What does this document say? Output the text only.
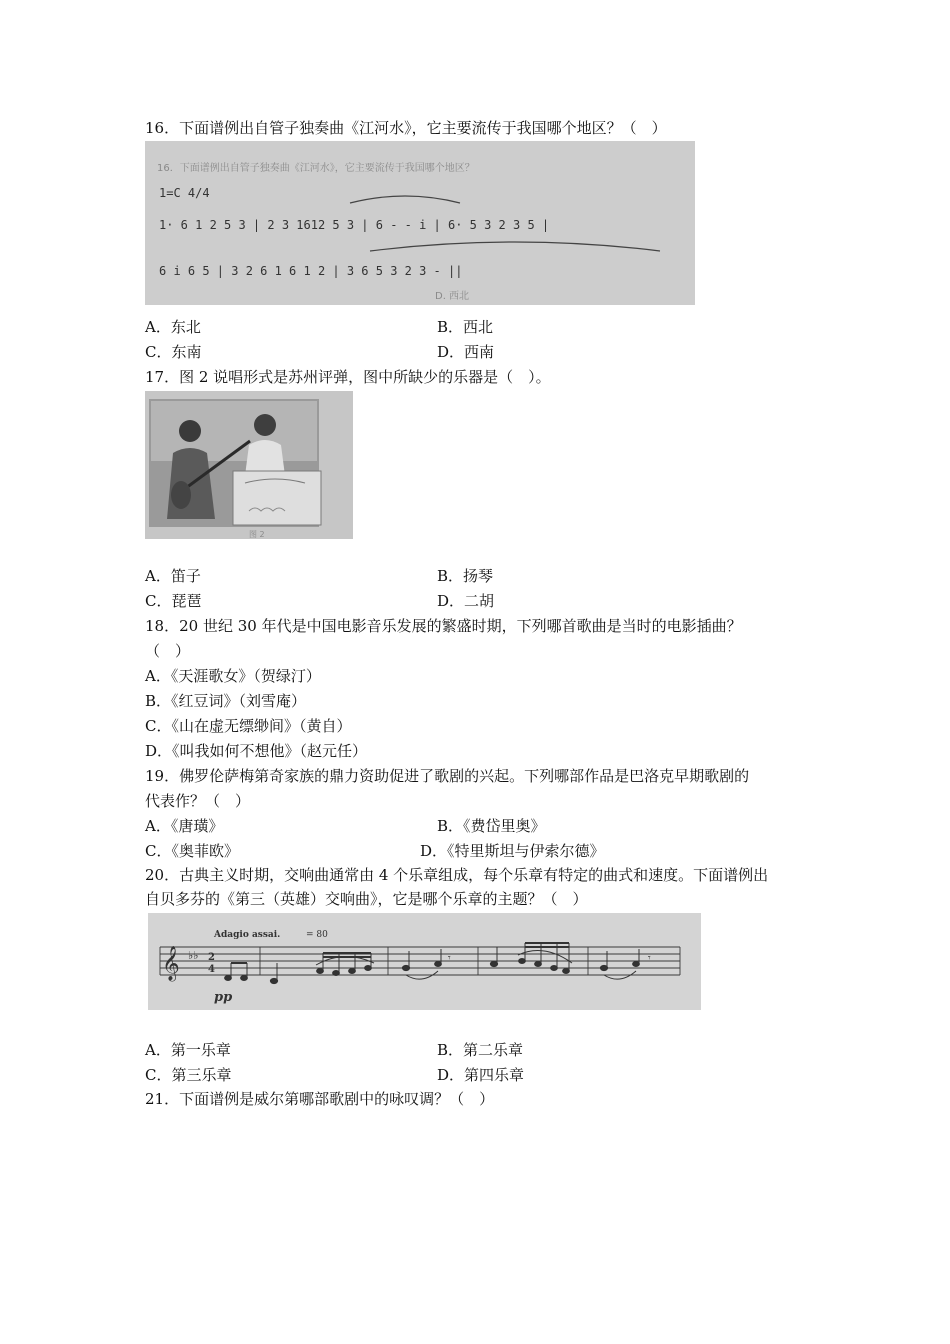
16．下面谱例出自管子独奏曲《江河水》，它主要流传于我国哪个地区？（　）
16．下面谱例出自管子独奏曲《江河水》，它主要流传于我国哪个地区？
1=C 4/4
1· 6 1 2 5 3 | 2 3 1612 5 3 | 6 - - i | 6· 5 3 2 3 5 |
6 i 6 5 | 3 2 6 1 6 1 2 | 3 6 5 3 2 3 - ||
D. 西北
A．东北	B．西北
C．东南	D．西南
17．图 2 说唱形式是苏州评弹，图中所缺少的乐器是（　）。
图 2
A．笛子	B．扬琴
C．琵琶	D．二胡
18．20 世纪 30 年代是中国电影音乐发展的繁盛时期，下列哪首歌曲是当时的电影插曲？
（　）
A．《天涯歌女》（贺绿汀）
B．《红豆词》（刘雪庵）
C．《山在虚无缥缈间》（黄自）
D．《叫我如何不想他》（赵元任）
19．佛罗伦萨梅第奇家族的鼎力资助促进了歌剧的兴起。下列哪部作品是巴洛克早期歌剧的
代表作？（　）
A．《唐璜》	B．《费岱里奥》
C．《奥菲欧》	D．《特里斯坦与伊索尔德》
20．古典主义时期，交响曲通常由 4 个乐章组成，每个乐章有特定的曲式和速度。下面谱例出
自贝多芬的《第三（英雄）交响曲》，它是哪个乐章的主题？（　）
Adagio assai.	= 80
𝄞 ♭♭ 2
4
𝄾	𝄾
pp
A．第一乐章	B．第二乐章
C．第三乐章	D．第四乐章
21．下面谱例是威尔第哪部歌剧中的咏叹调？（　）
